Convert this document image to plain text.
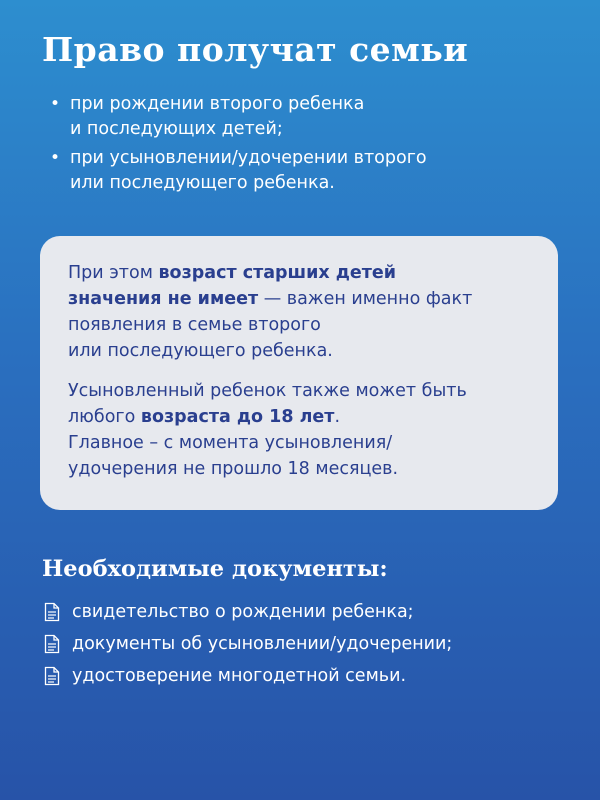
Право получат семьи
• при рождении второго ребенка
и последующих детей;
• при усыновлении/удочерении второго
или последующего ребенка.

При этом возраст старших детей
значения не имеет — важен именно факт
появления в семье второго
или последующего ребенка.

Усыновленный ребенок также может быть
любого возраста до 18 лет.
Главное – с момента усыновления/
удочерения не прошло 18 месяцев.

Необходимые документы:
свидетельство о рождении ребенка;
документы об усыновлении/удочерении;
удостоверение многодетной семьи.
